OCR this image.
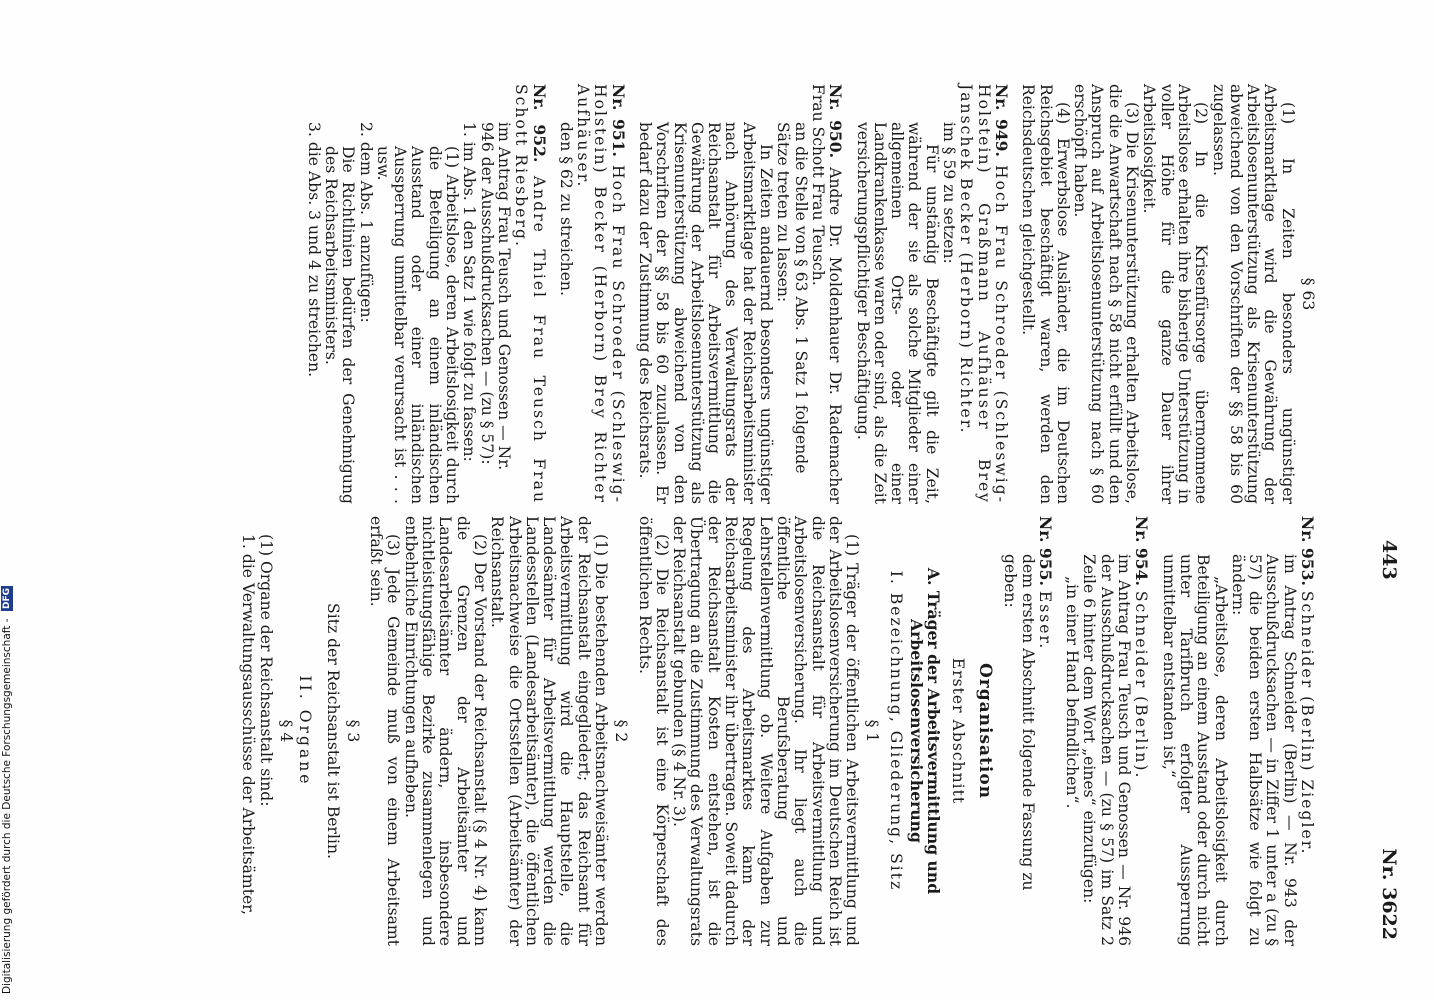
443
Nr. 3622
§ 63

(1) In Zeiten besonders ungünstiger Arbeitsmarktlage wird die Gewährung der Arbeitslosenunterstützung als Krisenunterstützung abweichend von den Vorschriften der §§ 58 bis 60 zugelassen.

(2) In die Krisenfürsorge übernommene Arbeitslose erhalten ihre bisherige Unterstützung in voller Höhe für die ganze Dauer ihrer Arbeitslosigkeit.

(3) Die Krisenunterstützung erhalten Arbeitslose, die die Anwartschaft nach § 58 nicht erfüllt und den Anspruch auf Arbeitslosenunterstützung nach § 60 erschöpft haben.

(4) Erwerbslose Ausländer, die im Deutschen Reichsgebiet beschäftigt waren, werden den Reichsdeutschen gleichgestellt.

Nr. 949. Hoch Frau Schroeder (Schleswig-Holstein) Graßmann Aufhäuser Brey Janschek Becker (Herborn) Richter.
im § 59 zu setzen:

Für unständig Beschäftigte gilt die Zeit, während der sie als solche Mitglieder einer allgemeinen Orts- oder einer Landkrankenkasse waren oder sind, als die Zeit versicherungspflichtiger Beschäftigung.

Nr. 950. Andre Dr. Moldenhauer Dr. Rademacher Frau Schott Frau Teusch.
an die Stelle von § 63 Abs. 1 Satz 1 folgende Sätze treten zu lassen:

In Zeiten andauernd besonders ungünstiger Arbeitsmarktlage hat der Reichsarbeitsminister nach Anhörung des Verwaltungsrats der Reichsanstalt für Arbeitsvermittlung die Gewährung der Arbeitslosenunterstützung als Krisenunterstützung abweichend von den Vorschriften der §§ 58 bis 60 zuzulassen. Er bedarf dazu der Zustimmung des Reichsrats.

Nr. 951. Hoch Frau Schroeder (Schleswig-Holstein) Becker (Herborn) Brey Richter Aufhäuser.
den § 62 zu streichen.
Nr. 952. Andre Thiel Frau Teusch Frau Schott Riesberg.
im Antrag Frau Teusch und Genossen — Nr. 946 der Ausschußdrucksachen — (zu § 57):
1. im Abs. 1 den Satz 1 wie folgt zu fassen:

(1) Arbeitslose, deren Arbeitslosigkeit durch die Beteiligung an einem inländischen Ausstand oder einer inländischen Aussperrung unmittelbar verursacht ist . . . usw.

2. dem Abs. 1 anzufügen:

Die Richtlinien bedürfen der Genehmigung des Reichsarbeitsministers.

3. die Abs. 3 und 4 zu streichen.
Nr. 953. Schneider (Berlin) Ziegler.

im Antrag Schneider (Berlin) — Nr. 943 der Ausschußdrucksachen — in Ziffer 1 unter a (zu § 57) die beiden ersten Halbsätze wie folgt zu ändern:

„Arbeitslose, deren Arbeitslosigkeit durch Beteiligung an einem Ausstand oder durch nicht unter Tarifbruch erfolgter Aussperrung unmittelbar entstanden ist,“

Nr. 954. Schneider (Berlin).

im Antrag Frau Teusch und Genossen — Nr. 946 der Ausschußdrucksachen — (zu § 57) im Satz 2 Zeile 6 hinter dem Wort „eines“ einzufügen:

„in einer Hand befindlichen“.

Nr. 955. Esser.
dem ersten Abschnitt folgende Fassung zu geben:
Organisation
Erster Abschnitt
A. Träger der Arbeitsvermittlung und Arbeitslosenversicherung
I. Bezeichnung, Gliederung, Sitz
§ 1

(1) Träger der öffentlichen Arbeitsvermittlung und der Arbeitslosenversicherung im Deutschen Reich ist die Reichsanstalt für Arbeitsvermittlung und Arbeitslosenversicherung. Ihr liegt auch die öffentliche Berufsberatung und Lehrstellenvermittlung ob. Weitere Aufgaben zur Regelung des Arbeitsmarktes kann der Reichsarbeitsminister ihr übertragen. Soweit dadurch der Reichsanstalt Kosten entstehen, ist die Übertragung an die Zustimmung des Verwaltungsrats der Reichsanstalt gebunden (§ 4 Nr. 3).

(2) Die Reichsanstalt ist eine Körperschaft des öffentlichen Rechts.

§ 2

(1) Die bestehenden Arbeitsnachweisämter werden der Reichsanstalt eingegliedert; das Reichsamt für Arbeitsvermittlung wird die Hauptstelle, die Landesämter für Arbeitsvermittlung werden die Landesstellen (Landesarbeitsämter), die öffentlichen Arbeitsnachweise die Ortsstellen (Arbeitsämter) der Reichsanstalt.

(2) Der Vorstand der Reichsanstalt (§ 4 Nr. 4) kann die Grenzen der Arbeitsämter und Landesarbeitsämter ändern, insbesondere nichtleistungsfähige Bezirke zusammenlegen und entbehrliche Einrichtungen aufheben.

(3) Jede Gemeinde muß von einem Arbeitsamt erfaßt sein.

§ 3

Sitz der Reichsanstalt ist Berlin.

II. Organe
§ 4

(1) Organe der Reichsanstalt sind:

1. die Verwaltungsausschüsse der Arbeitsämter,

Digitalisierung gefördert durch die Deutsche Forschungsgemeinschaft - DFG
